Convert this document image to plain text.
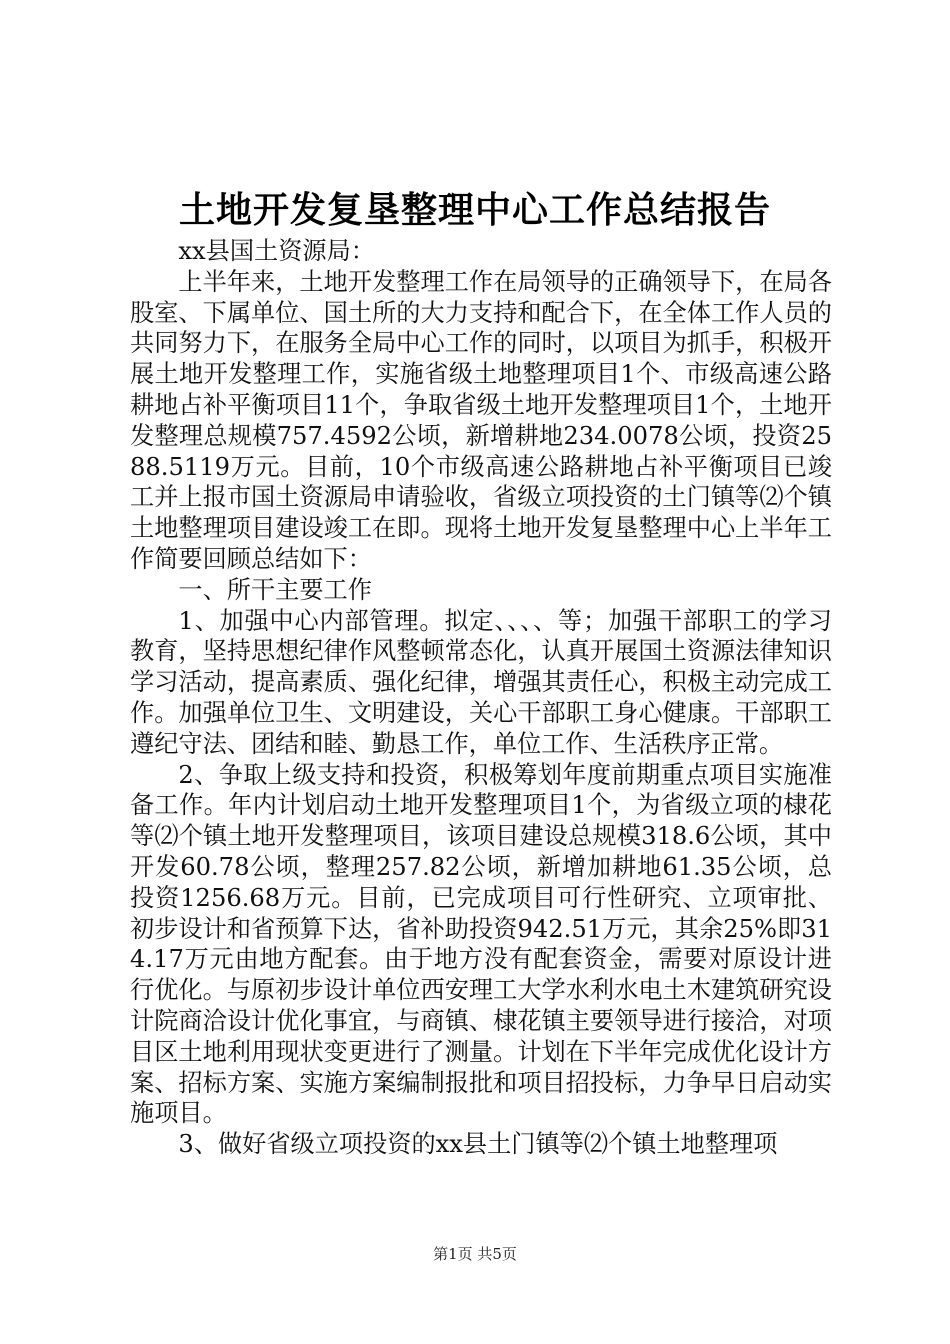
土地开发复垦整理中心工作总结报告

xx县国土资源局：

上半年来，土地开发整理工作在局领导的正确领导下，在局各股室、下属单位、国土所的大力支持和配合下，在全体工作人员的共同努力下，在服务全局中心工作的同时，以项目为抓手，积极开展土地开发整理工作，实施省级土地整理项目1个、市级高速公路耕地占补平衡项目11个，争取省级土地开发整理项目1个，土地开发整理总规模757.4592公顷，新增耕地234.0078公顷，投资2588.5119万元。目前，10个市级高速公路耕地占补平衡项目已竣工并上报市国土资源局申请验收，省级立项投资的土门镇等⑵个镇土地整理项目建设竣工在即。现将土地开发复垦整理中心上半年工作简要回顾总结如下：

一、所干主要工作

1、加强中心内部管理。拟定、、、、等；加强干部职工的学习教育，坚持思想纪律作风整顿常态化，认真开展国土资源法律知识学习活动，提高素质、强化纪律，增强其责任心，积极主动完成工作。加强单位卫生、文明建设，关心干部职工身心健康。干部职工遵纪守法、团结和睦、勤恳工作，单位工作、生活秩序正常。

2、争取上级支持和投资，积极筹划年度前期重点项目实施准备工作。年内计划启动土地开发整理项目1个，为省级立项的棣花等⑵个镇土地开发整理项目，该项目建设总规模318.6公顷，其中开发60.78公顷，整理257.82公顷，新增加耕地61.35公顷，总投资1256.68万元。目前，已完成项目可行性研究、立项审批、初步设计和省预算下达，省补助投资942.51万元，其余25%即314.17万元由地方配套。由于地方没有配套资金，需要对原设计进行优化。与原初步设计单位西安理工大学水利水电土木建筑研究设计院商洽设计优化事宜，与商镇、棣花镇主要领导进行接洽，对项目区土地利用现状变更进行了测量。计划在下半年完成优化设计方案、招标方案、实施方案编制报批和项目招投标，力争早日启动实施项目。

3、做好省级立项投资的xx县土门镇等⑵个镇土地整理项

第1页 共5页
